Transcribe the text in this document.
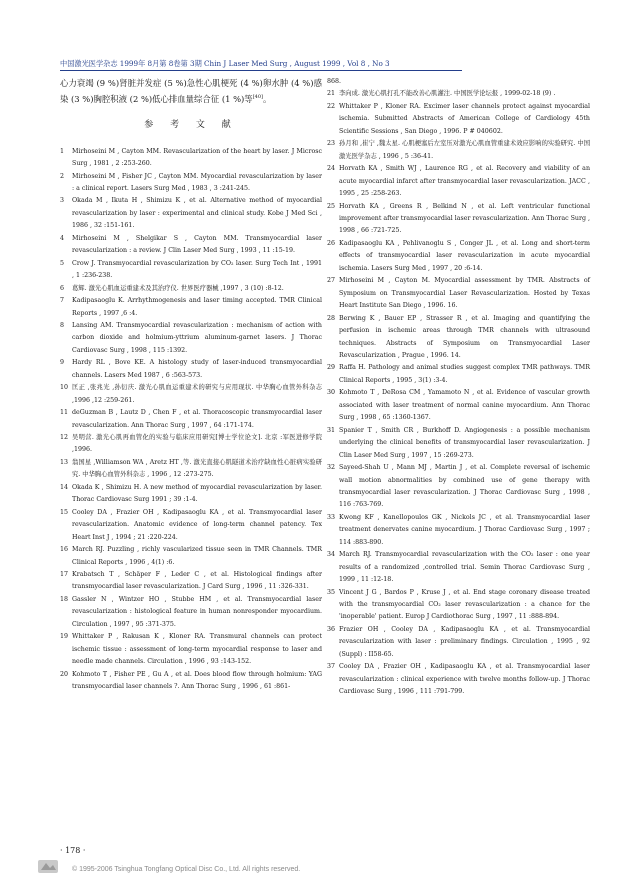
中国激光医学杂志 1999年 8月第 8卷第 3期 Chin J Laser Med Surg , August 1999 , Vol 8 , No 3

心力衰竭 (9 %)肾脏并发症 (5 %)急性心肌梗死 (4 %)卵水肿 (4 %)感染 (3 %)胸腔积液 (2 %)低心排血量综合征 (1 %)等[40]。

参 考 文 献
1 Mirhoseini M , Cayton MM. Revascularization of the heart by laser. J Microsc Surg , 1981 , 2 :253-260.
2 Mirhoseini M , Fisher JC , Cayton MM. Myocardial revascularization by laser : a clinical report. Lasers Surg Med , 1983 , 3 :241-245.
3 Okada M , Ikuta H , Shimizu K , et al. Alternative method of myocardial revascularization by laser : experimental and clinical study. Kobe J Med Sci , 1986 , 32 :151-161.
4 Mirhoseini M , Shelgikar S , Cayton MM. Transmyocardial laser revascularization : a review. J Clin Laser Med Surg , 1993 , 11 :15-19.
5 Crow J. Transmyocardial revascularization by CO₂ laser. Surg Tech Int , 1991 , 1 :236-238.
6 葛辉. 激光心肌血运重建术及其治疗仪. 世界医疗器械 ,1997 , 3 (10) :8-12.
7 Kadipasaoglu K. Arrhythmogenesis and laser timing accepted. TMR Clinical Reports , 1997 ,6 :4.
8 Lansing AM. Transmyocardial revascularization : mechanism of action with carbon dioxide and holmium-yttrium aluminum-garnet lasers. J Thorac Cardiovasc Surg , 1998 , 115 :1392.
9 Hardy RL , Bove KE. A histology study of laser-induced transmyocardial channels. Lasers Med 1987 , 6 :563-573.
10 匡正 ,张兆光 ,孙衍庆. 激光心肌血运重建术的研究与应用现状. 中华胸心血管外科杂志 ,1996 ,12 :259-261.
11 deGuzman B , Lautz D , Chen F , et al. Thoracoscopic transmyocardial laser revascularization. Ann Thorac Surg , 1997 , 64 :171-174.
12 吴明营. 激光心肌再血管化的实验与临床应用研究[博士学位论文]. 北京 :军医进修学院 ,1996.
13 翁国星 ,Williamson WA , Aretz HT ,等. 激光直接心肌隧道术治疗缺血性心脏病实验研究. 中华胸心血管外科杂志 , 1996 , 12 :273-275.
14 Okada K , Shimizu H. A new method of myocardial revascularization by laser. Thorac Cardiovasc Surg 1991 ; 39 :1-4.
15 Cooley DA , Frazier OH , Kadipasaoglu KA , et al. Transmyocardial laser revascularization. Anatomic evidence of long-term channel patency. Tex Heart Inst J , 1994 ; 21 :220-224.
16 March RJ. Puzzling , richly vascularized tissue seen in TMR Channels. TMR Clinical Reports , 1996 , 4(1) :6.
17 Krabatsch T , Schäper F , Leder C , et al. Histological findings after transmyocardial laser revascularization. J Card Surg , 1996 , 11 :326-331.
18 Gassler N , Wintzer HO , Stubbe HM , et al. Transmyocardial laser revascularization : histological feature in human nonresponder myocardium. Circulation , 1997 , 95 :371-375.
19 Whittaker P , Rakusan K , Kloner RA. Transmural channels can protect ischemic tissue : assessment of long-term myocardial response to laser and needle made channels. Circulation , 1996 , 93 :143-152.
20 Kohmoto T , Fisher PE , Gu A , et al. Does blood flow through holmium: YAG transmyocardial laser channels ?. Ann Thorac Surg , 1996 , 61 :861-
868.
21 李向成. 激光心肌打孔不能改善心肌灌注. 中国医学论坛报 , 1999-02-18 (9) .
22 Whittaker P , Kloner RA. Excimer laser channels protect against myocardial ischemia. Submitted Abstracts of American College of Cardiology 45th Scientific Sessions , San Diego , 1996. P # 040602.
23 孙月和 ,崔宁 ,魏太星. 心肌梗塞后左室压对激光心肌血管重建术效应影响的实验研究. 中国激光医学杂志 , 1996 , 5 :36-41.
24 Horvath KA , Smith WJ , Laurence RG , et al. Recovery and viability of an acute myocardial infarct after transmyocardial laser revascularization. JACC , 1995 , 25 :258-263.
25 Horvath KA , Greens R , Belkind N , et al. Left ventricular functional improvement after transmyocardial laser revascularization. Ann Thorac Surg , 1998 , 66 :721-725.
26 Kadipasaoglu KA , Pehlivanoglu S , Conger JL , et al. Long and short-term effects of transmyocardial laser revascularization in acute myocardial ischemia. Lasers Surg Med , 1997 , 20 :6-14.
27 Mirhoseini M , Cayton M. Myocardial assessment by TMR. Abstracts of Symposium on Transmyocardial Laser Revascularization. Hosted by Texas Heart Institute San Diego , 1996. 16.
28 Berwing K , Bauer EP , Strasser R , et al. Imaging and quantifying the perfusion in ischemic areas through TMR channels with ultrasound techniques. Abstracts of Symposium on Transmyocardial Laser Revascularization , Prague , 1996. 14.
29 Raffa H. Pathology and animal studies suggest complex TMR pathways. TMR Clinical Reports , 1995 , 3(1) :3-4.
30 Kohmoto T , DeRosa CM , Yamamoto N , et al. Evidence of vascular growth associated with laser treatment of normal canine myocardium. Ann Thorac Surg , 1998 , 65 :1360-1367.
31 Spanier T , Smith CR , Burkhoff D. Angiogenesis : a possible mechanism underlying the clinical benefits of transmyocardial laser revascularization. J Clin Laser Med Surg , 1997 , 15 :269-273.
32 Sayeed-Shah U , Mann MJ , Martin J , et al. Complete reversal of ischemic wall motion abnormalities by combined use of gene therapy with transmyocardial laser revascularization. J Thorac Cardiovasc Surg , 1998 , 116 :763-769.
33 Kwong KF , Kanellopoulos GK , Nickols JC , et al. Transmyocardial laser treatment denervates canine myocardium. J Thorac Cardiovasc Surg , 1997 ; 114 :883-890.
34 March RJ. Transmyocardial revascularization with the CO₂ laser : one year results of a randomized ,controlled trial. Semin Thorac Cardiovasc Surg , 1999 , 11 :12-18.
35 Vincent J G , Bardos P , Kruse J , et al. End stage coronary disease treated with the transmyocardial CO₂ laser revascularization : a chance for the 'inoperable' patient. Europ J Cardiothorac Surg , 1997 , 11 :888-894.
36 Frazier OH , Cooley DA , Kadipasaoglu KA , et al. Transmyocardial revascularization with laser : preliminary findings. Circulation , 1995 , 92 (Suppl) : II58-65.
37 Cooley DA , Frazier OH , Kadipasaoglu KA , et al. Transmyocardial laser revascularization : clinical experience with twelve months follow-up. J Thorac Cardiovasc Surg , 1996 , 111 :791-799.
· 178 ·
© 1995-2006 Tsinghua Tongfang Optical Disc Co., Ltd. All rights reserved.
